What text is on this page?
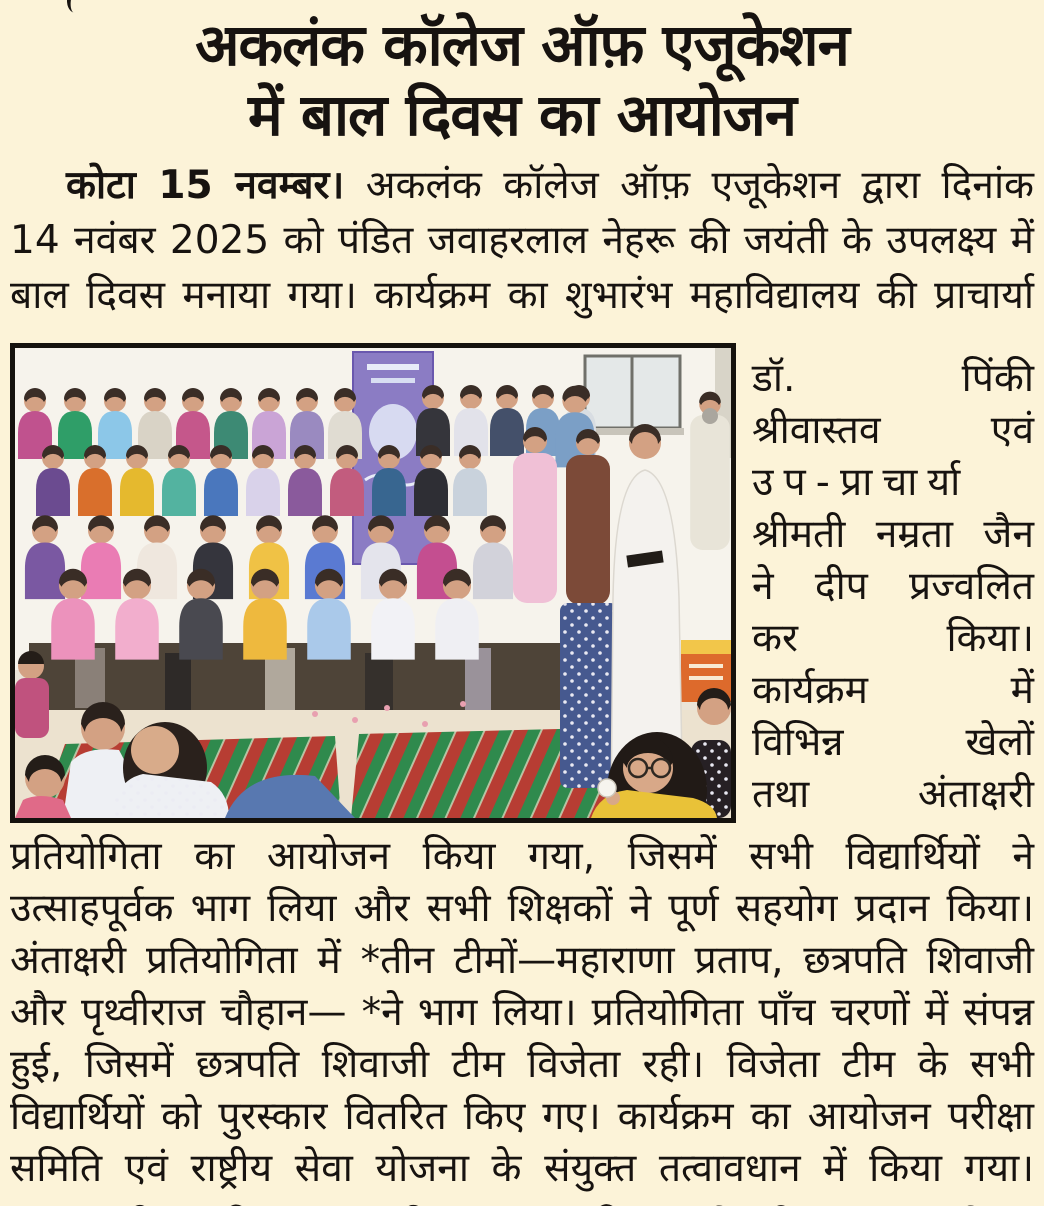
अकलंक कॉलेज ऑफ़ एजूकेशन
में बाल दिवस का आयोजन
कोटा 15 नवम्बर। अकलंक कॉलेज ऑफ़ एजूकेशन द्वारा दिनांक
14 नवंबर 2025 को पंडित जवाहरलाल नेहरू की जयंती के उपलक्ष्य में
बाल दिवस मनाया गया। कार्यक्रम का शुभारंभ महाविद्यालय की प्राचार्या
डॉ. पिंकी
श्रीवास्तव एवं
उप-प्राचार्या
श्रीमती नम्रता जैन
ने दीप प्रज्वलित
कर किया।
कार्यक्रम में
विभिन्न खेलों
तथा अंताक्षरी
प्रतियोगिता का आयोजन किया गया, जिसमें सभी विद्यार्थियों ने
उत्साहपूर्वक भाग लिया और सभी शिक्षकों ने पूर्ण सहयोग प्रदान किया।
अंताक्षरी प्रतियोगिता में *तीन टीमों—महाराणा प्रताप, छत्रपति शिवाजी
और पृथ्वीराज चौहान— *ने भाग लिया। प्रतियोगिता पाँच चरणों में संपन्न
हुई, जिसमें छत्रपति शिवाजी टीम विजेता रही। विजेता टीम के सभी
विद्यार्थियों को पुरस्कार वितरित किए गए। कार्यक्रम का आयोजन परीक्षा
समिति एवं राष्ट्रीय सेवा योजना के संयुक्त तत्वावधान में किया गया।
